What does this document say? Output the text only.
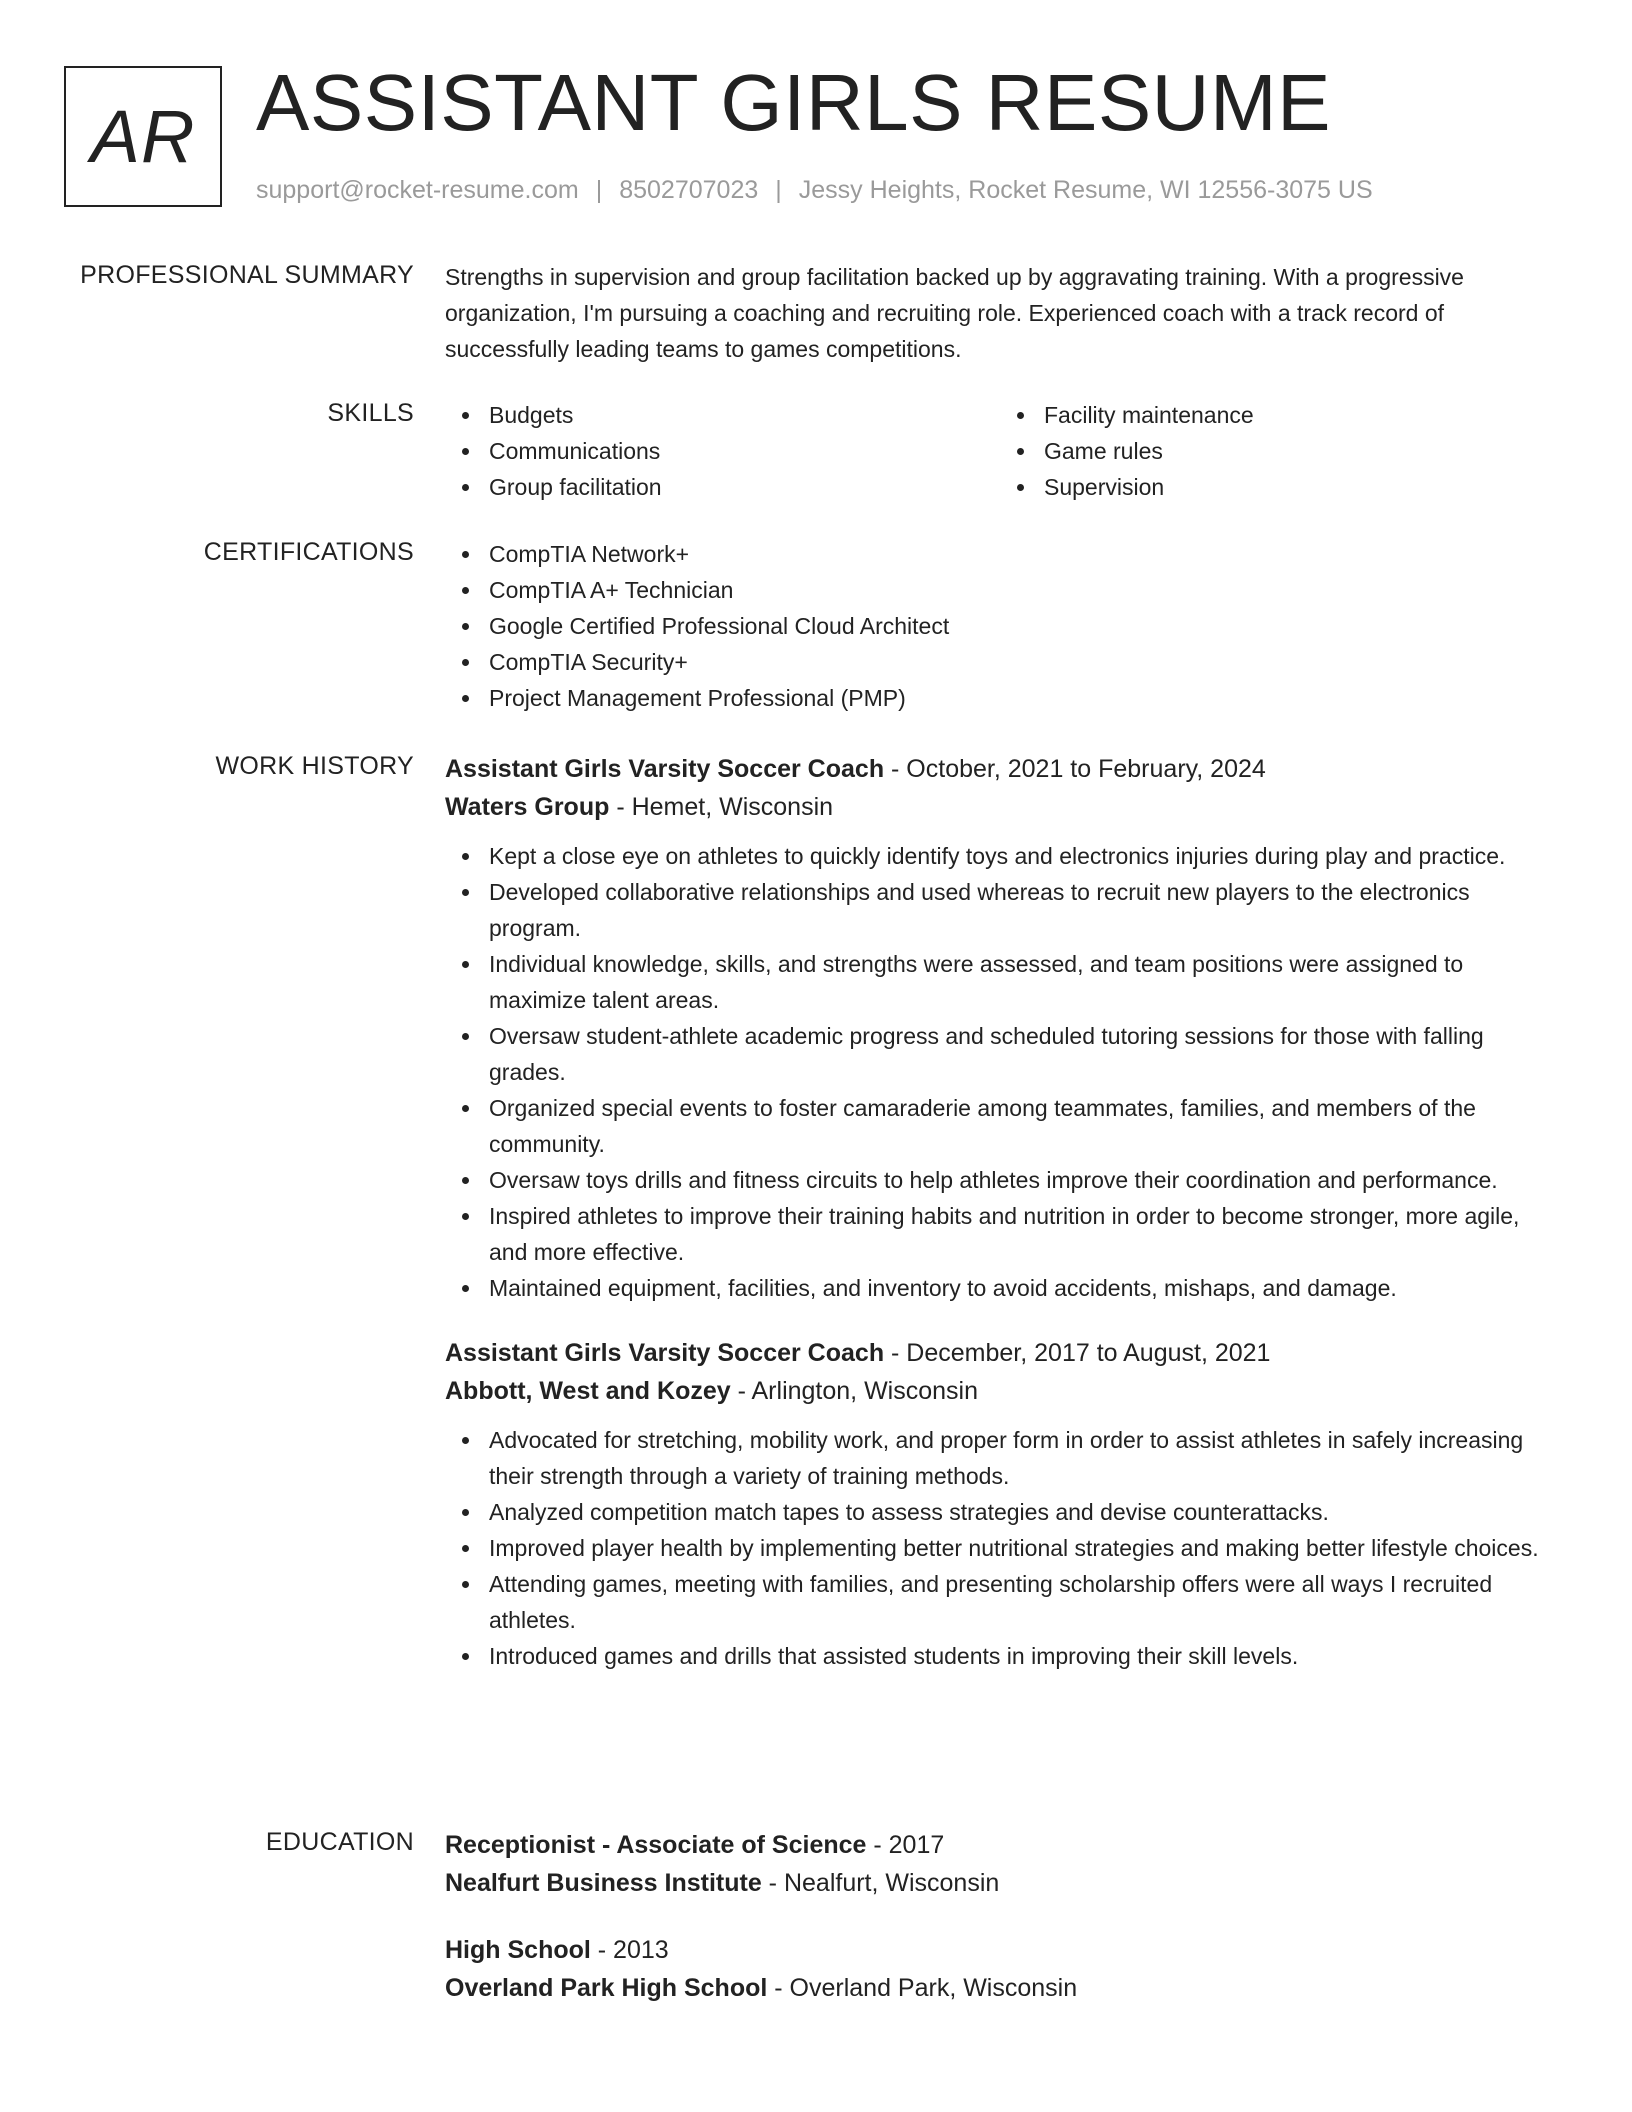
AR ASSISTANT GIRLS RESUME
support@rocket-resume.com | 8502707023 | Jessy Heights, Rocket Resume, WI 12556-3075 US
PROFESSIONAL SUMMARY Strengths in supervision and group facilitation backed up by aggravating training. With a progressive organization, I'm pursuing a coaching and recruiting role. Experienced coach with a track record of successfully leading teams to games competitions.

SKILLS	Budgets
Communications
Group facilitation
Facility maintenance
Game rules
Supervision
CERTIFICATIONS	CompTIA Network+
CompTIA A+ Technician
Google Certified Professional Cloud Architect
CompTIA Security+
Project Management Professional (PMP)
WORK HISTORY Assistant Girls Varsity Soccer Coach - October, 2021 to February, 2024
Waters Group - Hemet, Wisconsin
Kept a close eye on athletes to quickly identify toys and electronics injuries during play and practice.
Developed collaborative relationships and used whereas to recruit new players to the electronics program.
Individual knowledge, skills, and strengths were assessed, and team positions were assigned to maximize talent areas.
Oversaw student-athlete academic progress and scheduled tutoring sessions for those with falling grades.
Organized special events to foster camaraderie among teammates, families, and members of the community.
Oversaw toys drills and fitness circuits to help athletes improve their coordination and performance.
Inspired athletes to improve their training habits and nutrition in order to become stronger, more agile, and more effective.
Maintained equipment, facilities, and inventory to avoid accidents, mishaps, and damage.
Assistant Girls Varsity Soccer Coach - December, 2017 to August, 2021
Abbott, West and Kozey - Arlington, Wisconsin
Advocated for stretching, mobility work, and proper form in order to assist athletes in safely increasing their strength through a variety of training methods.
Analyzed competition match tapes to assess strategies and devise counterattacks.
Improved player health by implementing better nutritional strategies and making better lifestyle choices.
Attending games, meeting with families, and presenting scholarship offers were all ways I recruited athletes.
Introduced games and drills that assisted students in improving their skill levels.
EDUCATION Receptionist - Associate of Science - 2017
Nealfurt Business Institute - Nealfurt, Wisconsin
High School - 2013
Overland Park High School - Overland Park, Wisconsin
